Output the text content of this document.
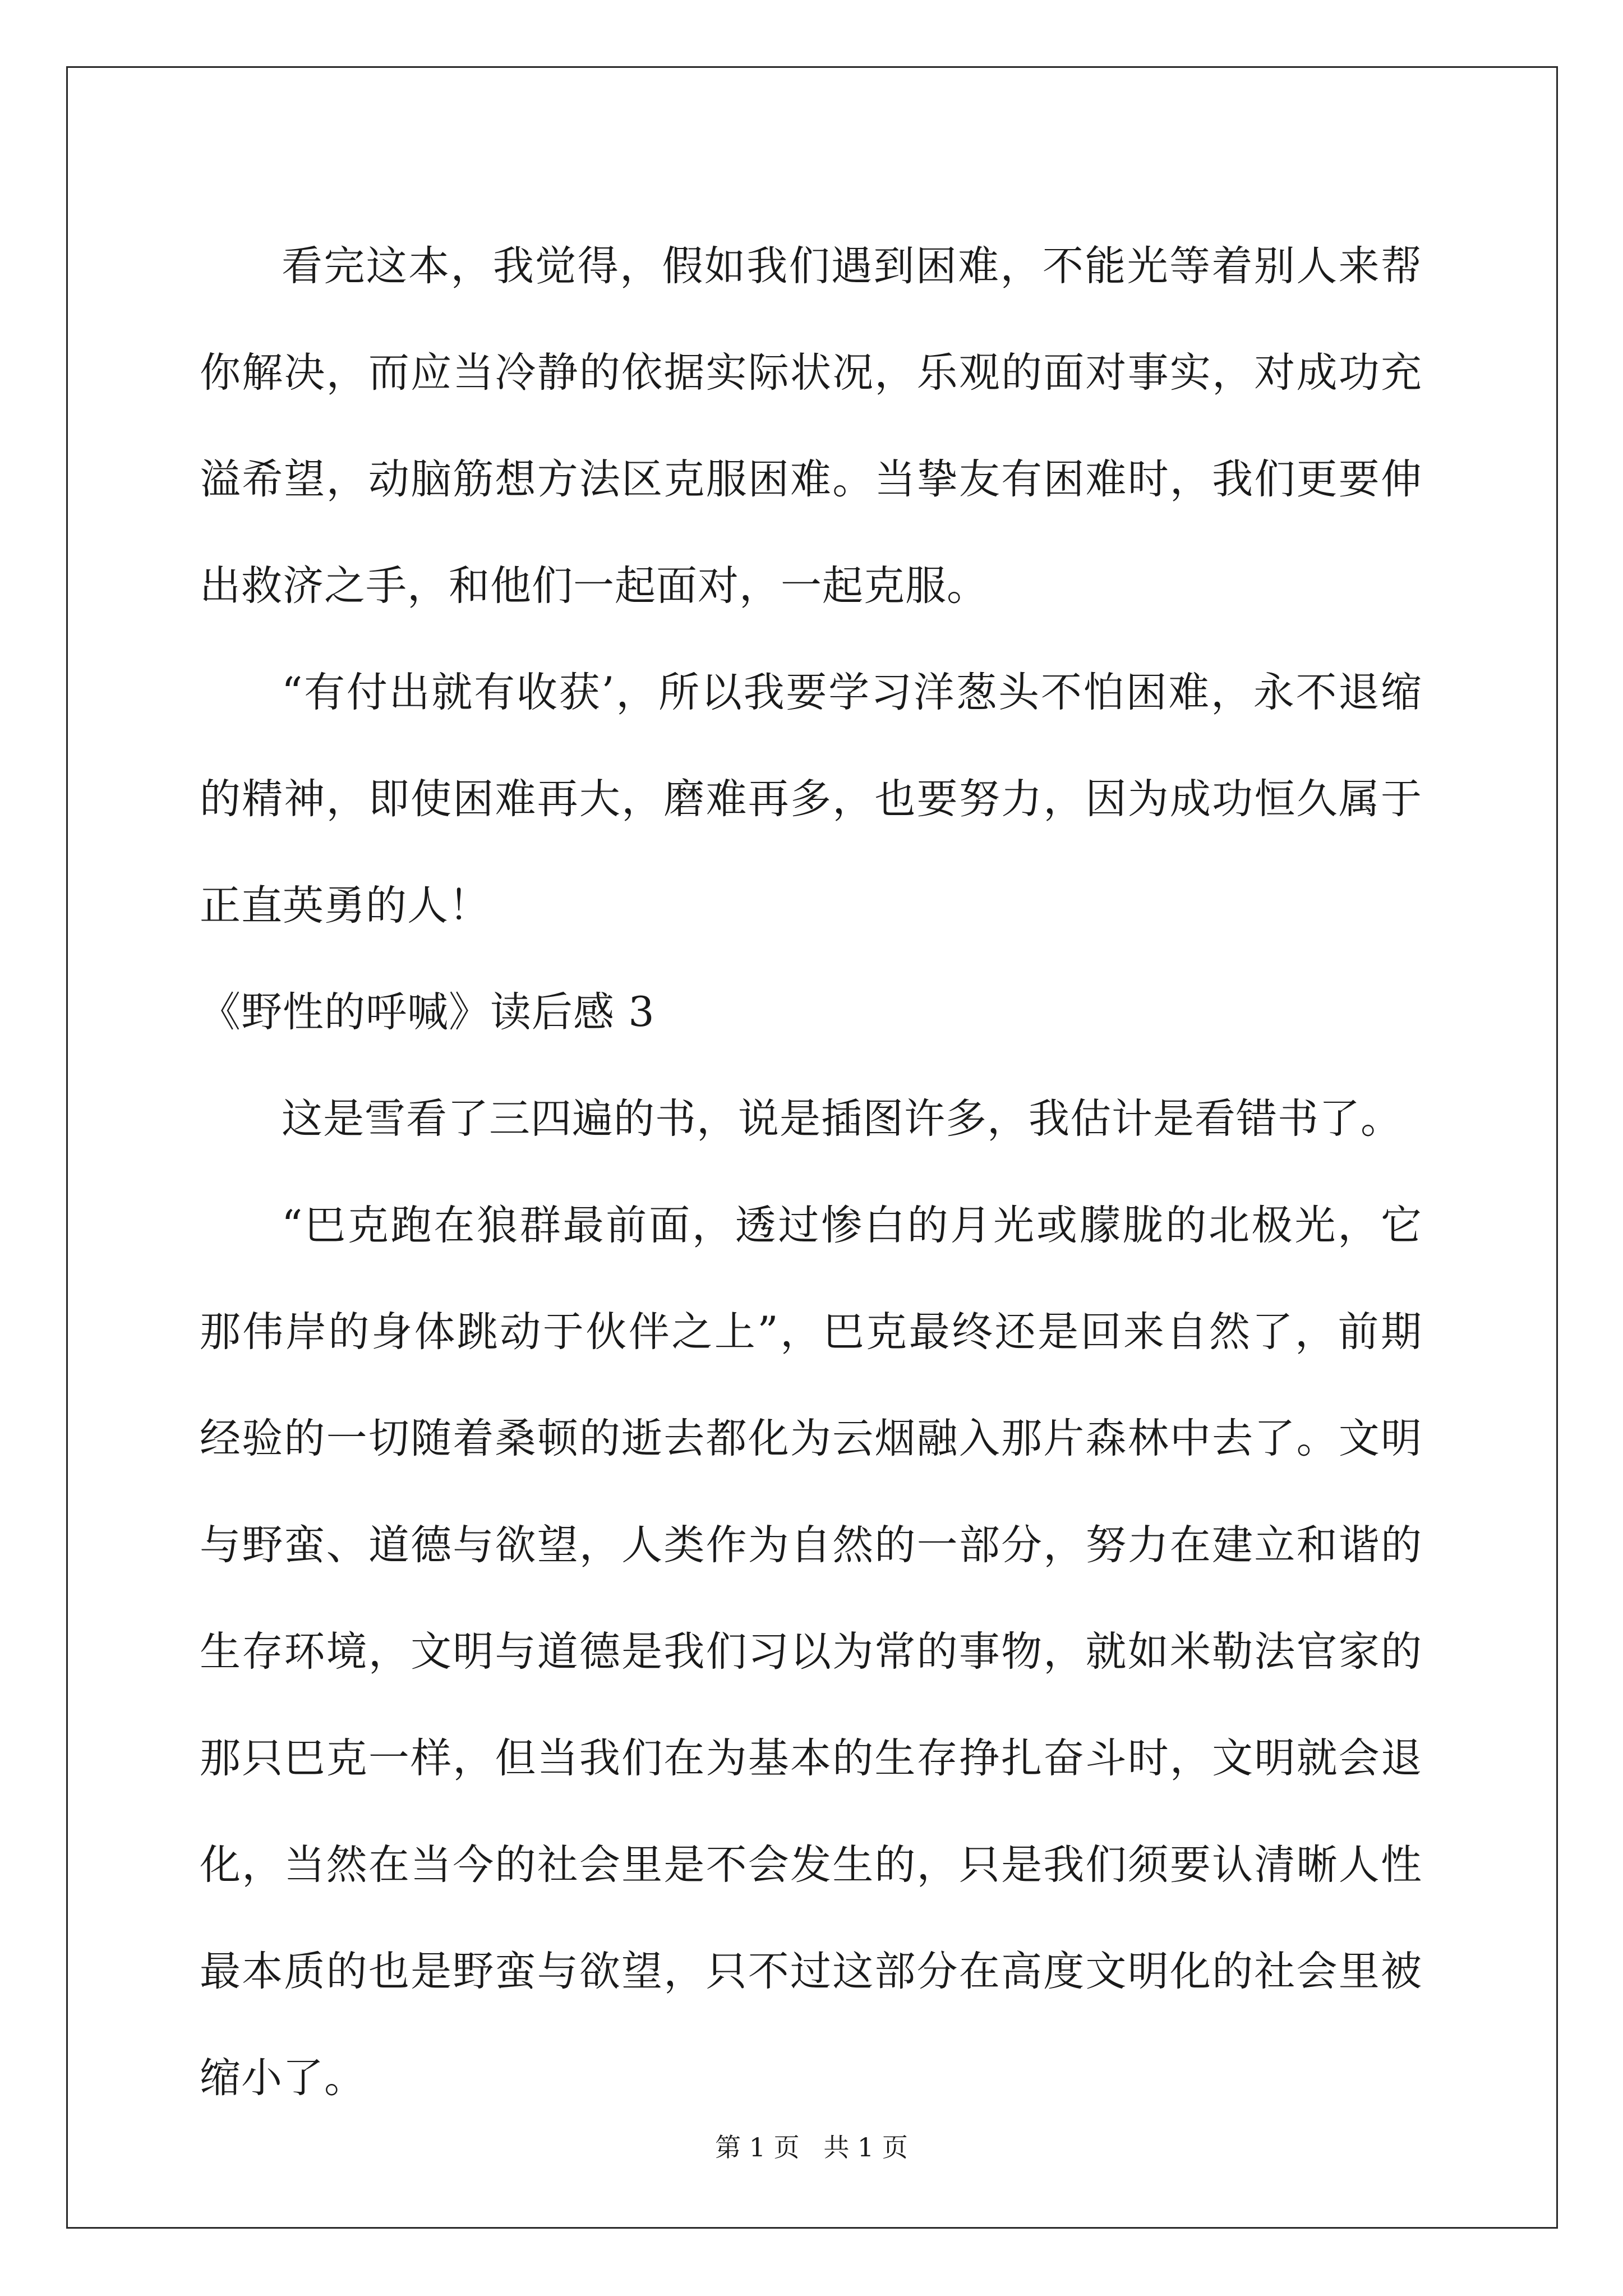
看完这本，我觉得，假如我们遇到困难，不能光等着别人来帮你解决，而应当冷静的依据实际状况，乐观的面对事实，对成功充溢希望，动脑筋想方法区克服困难。当挚友有困难时，我们更要伸出救济之手，和他们一起面对，一起克服。

“有付出就有收获’，所以我要学习洋葱头不怕困难，永不退缩的精神，即使困难再大，磨难再多，也要努力，因为成功恒久属于正直英勇的人！

《野性的呼喊》读后感 3

这是雪看了三四遍的书，说是插图许多，我估计是看错书了。

“巴克跑在狼群最前面，透过惨白的月光或朦胧的北极光，它那伟岸的身体跳动于伙伴之上”，巴克最终还是回来自然了，前期经验的一切随着桑顿的逝去都化为云烟融入那片森林中去了。文明与野蛮、道德与欲望，人类作为自然的一部分，努力在建立和谐的生存环境，文明与道德是我们习以为常的事物，就如米勒法官家的那只巴克一样，但当我们在为基本的生存挣扎奋斗时，文明就会退化，当然在当今的社会里是不会发生的，只是我们须要认清晰人性最本质的也是野蛮与欲望，只不过这部分在高度文明化的社会里被缩小了。

第 1 页 共 1 页
